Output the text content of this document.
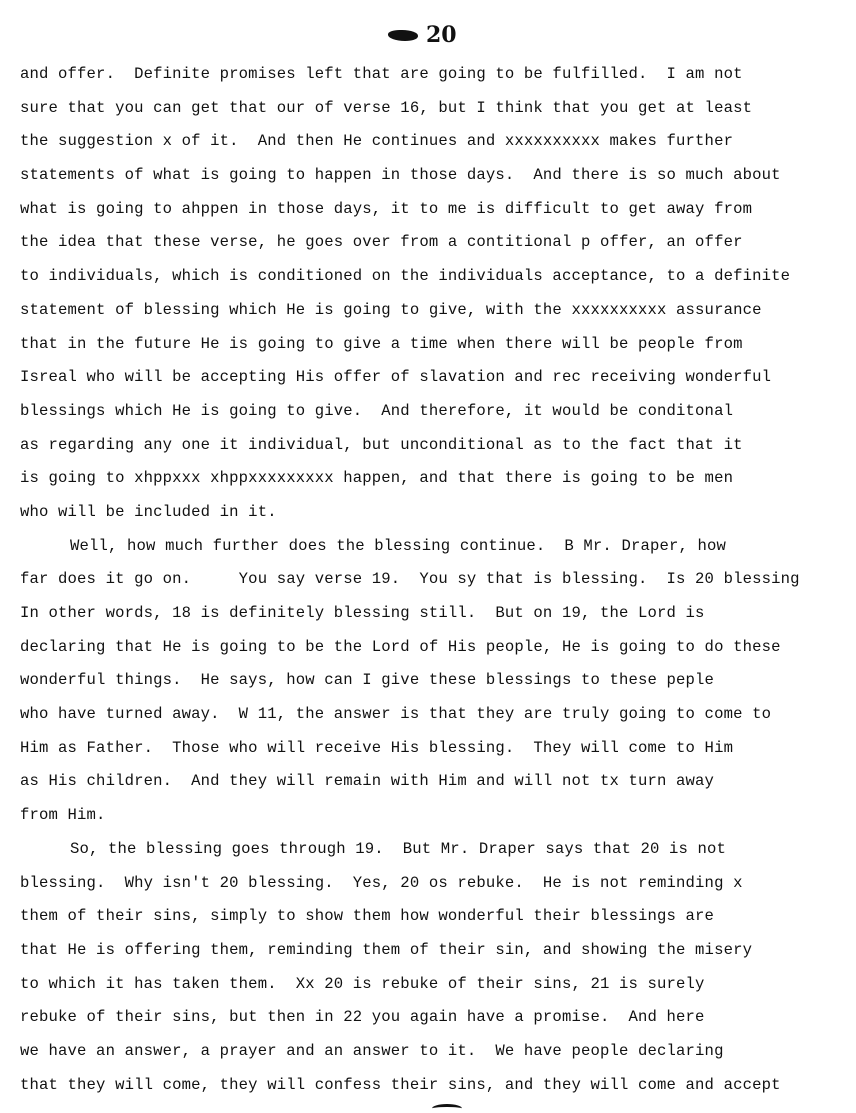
20
and offer.  Definite promises left that are going to be fulfilled.  I am not
sure that you can get that our of verse 16, but I think that you get at least
the suggestion x of it.  And then He continues and xxxxxxxxxx makes further
statements of what is going to happen in those days.  And there is so much about
what is going to ahppen in those days, it to me is difficult to get away from
the idea that these verse, he goes over from a contitional p offer, an offer
to individuals, which is conditioned on the individuals acceptance, to a definite
statement of blessing which He is going to give, with the xxxxxxxxxx assurance
that in the future He is going to give a time when there will be people from
Isreal who will be accepting His offer of slavation and rec receiving wonderful
blessings which He is going to give.  And therefore, it would be conditonal
as regarding any one it individual, but unconditional as to the fact that it
is going to xhppxxx xhppxxxxxxxxx happen, and that there is going to be men
who will be included in it.
Well, how much further does the blessing continue.  B Mr. Draper, how
far does it go on.     You say verse 19.  You sy that is blessing.  Is 20 blessing
In other words, 18 is definitely blessing still.  But on 19, the Lord is
declaring that He is going to be the Lord of His people, He is going to do these
wonderful things.  He says, how can I give these blessings to these peple
who have turned away.  W 11, the answer is that they are truly going to come to
Him as Father.  Those who will receive His blessing.  They will come to Him
as His children.  And they will remain with Him and will not tx turn away
from Him.
So, the blessing goes through 19.  But Mr. Draper says that 20 is not
blessing.  Why isn't 20 blessing.  Yes, 20 os rebuke.  He is not reminding x
them of their sins, simply to show them how wonderful their blessings are
that He is offering them, reminding them of their sin, and showing the misery
to which it has taken them.  Xx 20 is rebuke of their sins, 21 is surely
rebuke of their sins, but then in 22 you again have a promise.  And here
we have an answer, a prayer and an answer to it.  We have people declaring
that they will come, they will confess their sins, and they will come and accept
